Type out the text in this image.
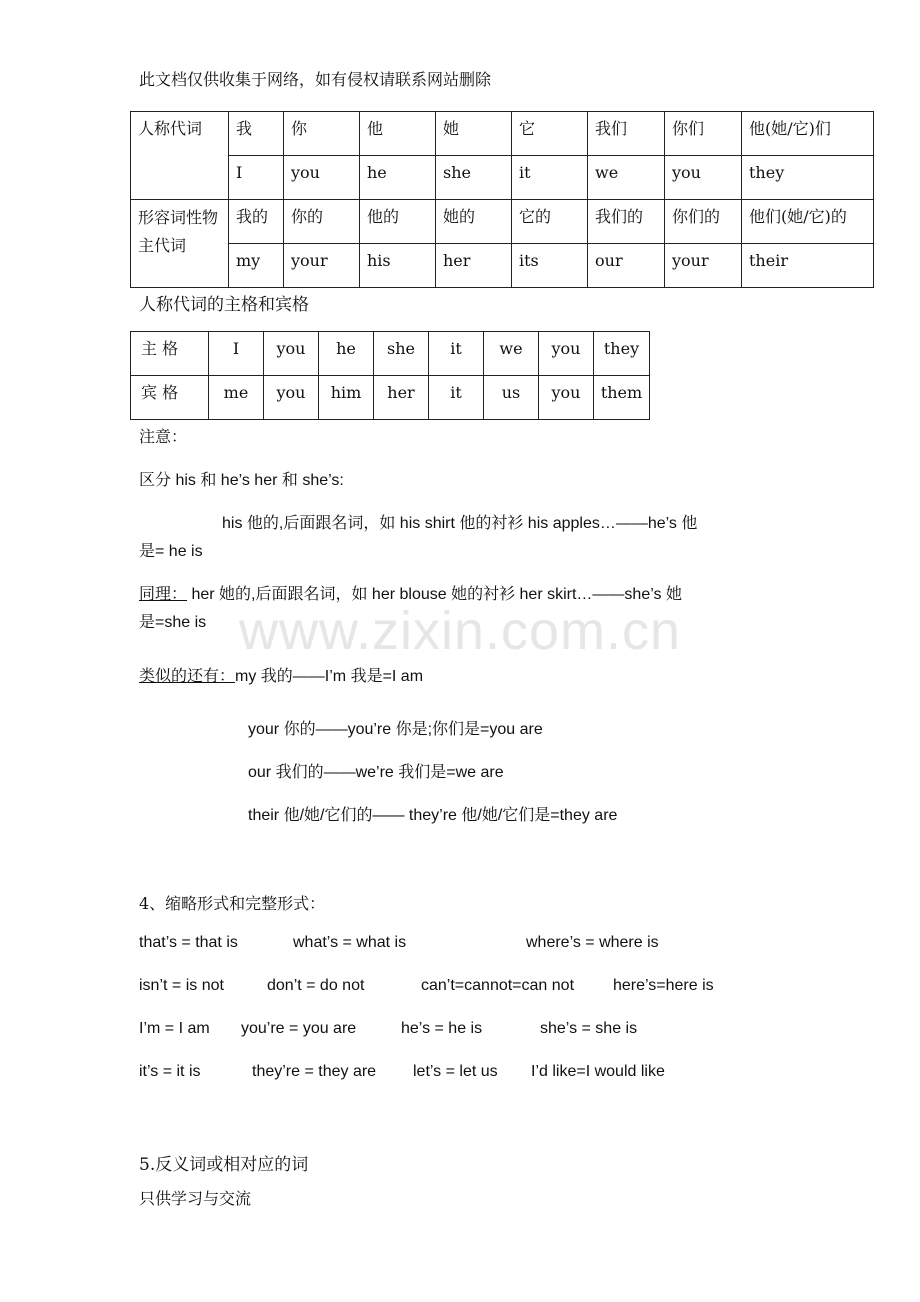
www.zixin.com.cn
此文档仅供收集于网络，如有侵权请联系网站删除
人称代词	我	你	他	她	它	我们	你们	他(她/它)们
	I	you	he	she	it	we	you	they
形容词性物主代词	我的	你的	他的	她的	它的	我们的	你们的	他们(她/它)的
	my	your	his	her	its	our	your	their
人称代词的主格和宾格
主 格	I	you	he	she	it	we	you	they
宾 格	me	you	him	her	it	us	you	them
注意：
区分 his 和 he’s her 和 she’s:
his 他的,后面跟名词，如 his shirt 他的衬衫 his apples…——he’s 他
是= he is
同理： her 她的,后面跟名词，如 her blouse 她的衬衫 her skirt…——she’s 她
是=she is
类似的还有：my 我的——I’m 我是=I am
your 你的——you’re 你是;你们是=you are
our 我们的——we’re 我们是=we are
their 他/她/它们的—— they’re 他/她/它们是=they are
4、缩略形式和完整形式：
that’s = that is	what’s = what is	where’s = where is
isn’t = is not	don’t = do not	can’t=cannot=can not here’s=here is
I’m = I am you’re = you are	he’s = he is	she’s = she is
it’s = it is	they’re = they are let’s = let us I’d like=I would like
5.反义词或相对应的词
只供学习与交流
